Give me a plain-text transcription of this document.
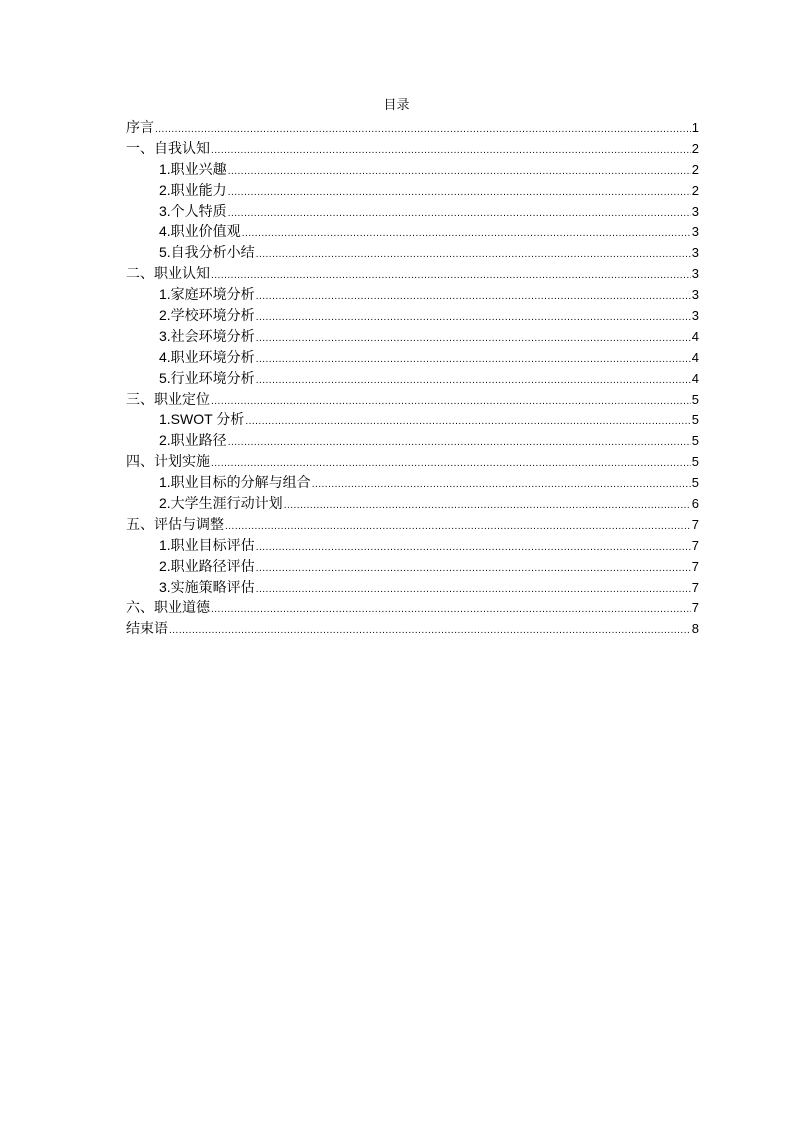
目录
序言 .....	1
一、自我认知 .....	2
1.职业兴趣 .....	2
2.职业能力 .....	2
3.个人特质 .....	3
4.职业价值观 .....	3
5.自我分析小结 .....	3
二、职业认知 .....	3
1.家庭环境分析 .....	3
2.学校环境分析 .....	3
3.社会环境分析 .....	4
4.职业环境分析 .....	4
5.行业环境分析 .....	4
三、职业定位 .....	5
1.SWOT 分析 .....	5
2.职业路径 .....	5
四、计划实施 .....	5
1.职业目标的分解与组合 .....	5
2.大学生涯行动计划 .....	6
五、评估与调整 .....	7
1.职业目标评估 .....	7
2.职业路径评估 .....	7
3.实施策略评估 .....	7
六、职业道德 .....	7
结束语 .....	8
